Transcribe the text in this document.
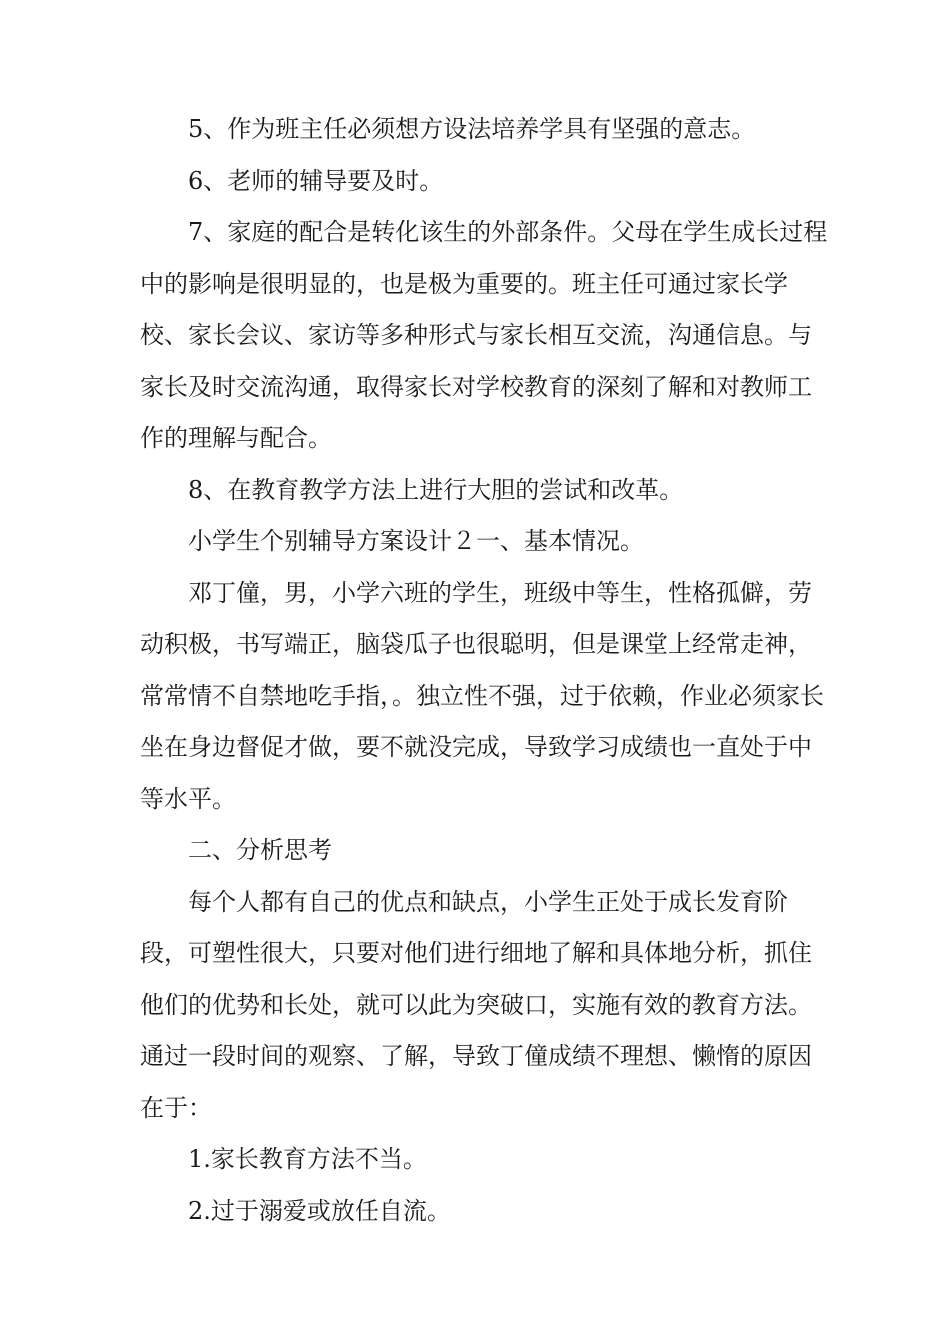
5、作为班主任必须想方设法培养学具有坚强的意志。

6、老师的辅导要及时。

7、家庭的配合是转化该生的外部条件。父母在学生成长过程中的影响是很明显的，也是极为重要的。班主任可通过家长学校、家长会议、家访等多种形式与家长相互交流，沟通信息。与家长及时交流沟通，取得家长对学校教育的深刻了解和对教师工作的理解与配合。

8、在教育教学方法上进行大胆的尝试和改革。

小学生个别辅导方案设计２一、基本情况。

邓丁僮，男，小学六班的学生，班级中等生，性格孤僻，劳动积极，书写端正，脑袋瓜子也很聪明，但是课堂上经常走神，常常情不自禁地吃手指，。独立性不强，过于依赖，作业必须家长坐在身边督促才做，要不就没完成，导致学习成绩也一直处于中等水平。

二、分析思考

每个人都有自己的优点和缺点，小学生正处于成长发育阶段，可塑性很大，只要对他们进行细地了解和具体地分析，抓住他们的优势和长处，就可以此为突破口，实施有效的教育方法。通过一段时间的观察、了解，导致丁僮成绩不理想、懒惰的原因在于：

1.家长教育方法不当。

2.过于溺爱或放任自流。
